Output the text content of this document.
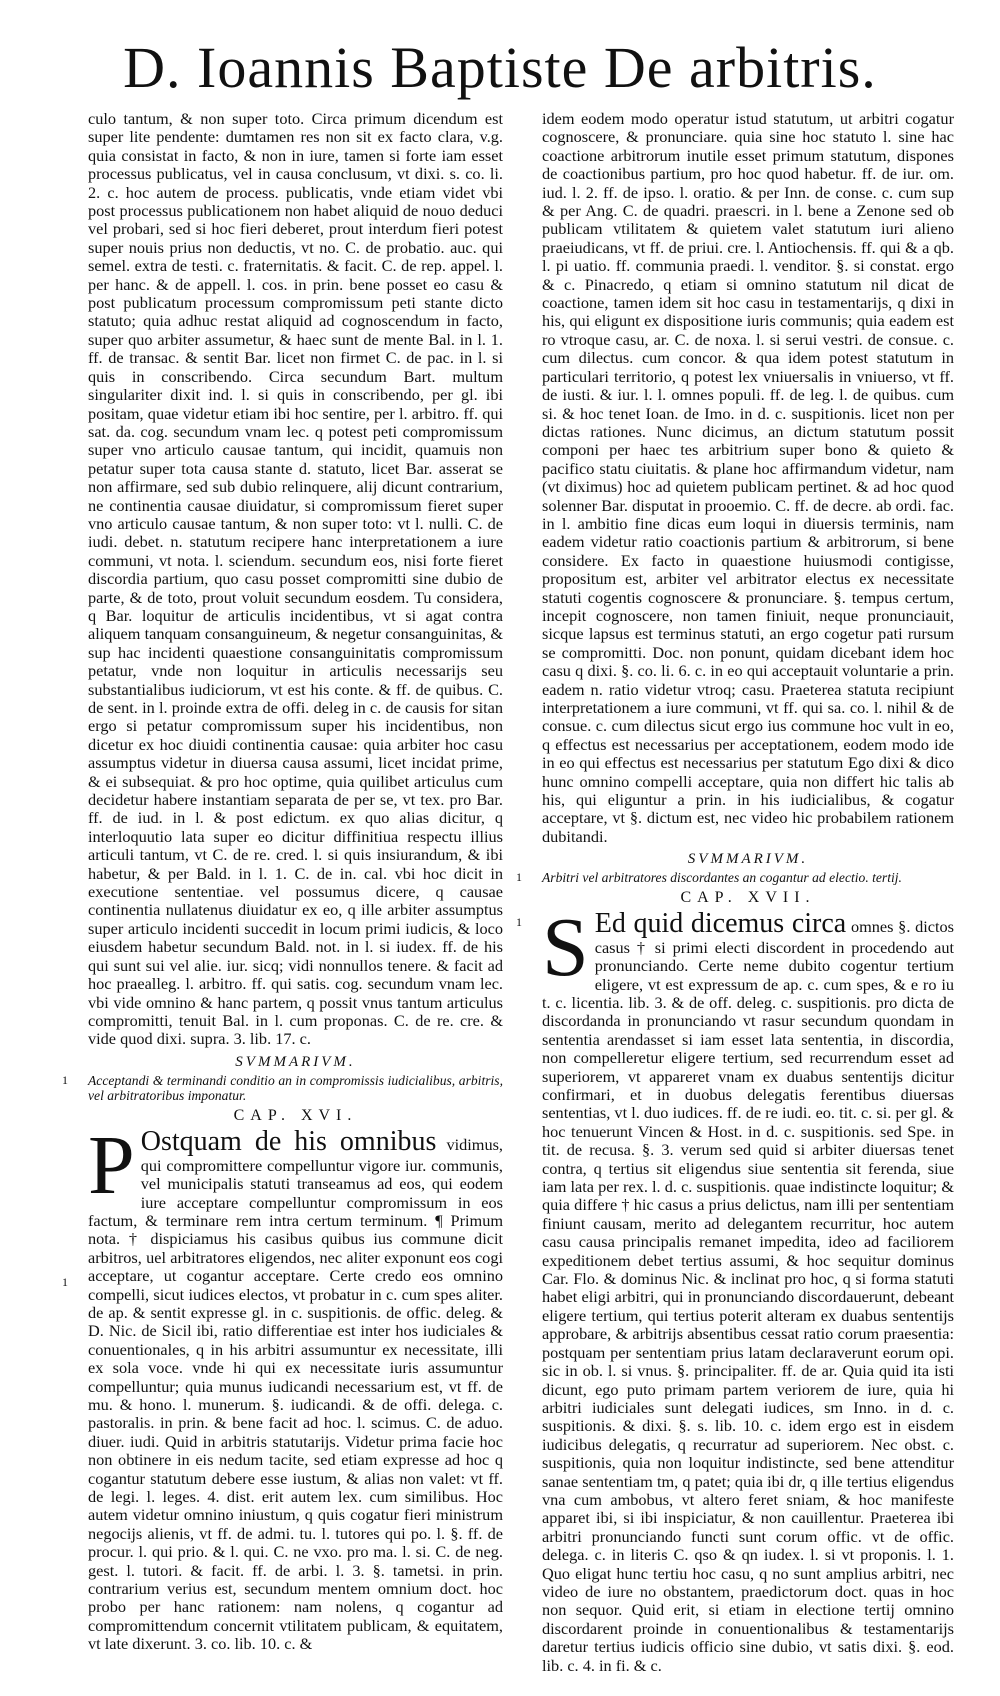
D. Ioannis Baptiste De arbitris.

culo tantum, & non super toto. Circa primum dicendum est super lite pendente: dumtamen res non sit ex facto clara, v.g. quia consistat in facto, & non in iure, tamen si forte iam esset processus publicatus, vel in causa conclusum, vt dixi. s. co. li. 2. c. hoc autem de process. publicatis, vnde etiam videt vbi post processus publicationem non habet aliquid de nouo deduci vel probari, sed si hoc fieri deberet, prout interdum fieri potest super nouis prius non deductis, vt no. C. de probatio. auc. qui semel. extra de testi. c. fraternitatis. & facit. C. de rep. appel. l. per hanc. & de appell. l. cos. in prin. bene posset eo casu & post publicatum processum compromissum peti stante dicto statuto; quia adhuc restat aliquid ad cognoscendum in facto, super quo arbiter assumetur, & haec sunt de mente Bal. in l. 1. ff. de transac. & sentit Bar. licet non firmet C. de pac. in l. si quis in conscribendo. Circa secundum Bart. multum singulariter dixit ind. l. si quis in conscribendo, per gl. ibi positam, quae videtur etiam ibi hoc sentire, per l. arbitro. ff. qui sat. da. cog. secundum vnam lec. q potest peti compromissum super vno articulo causae tantum, qui incidit, quamuis non petatur super tota causa stante d. statuto, licet Bar. asserat se non affirmare, sed sub dubio relinquere, alij dicunt contrarium, ne continentia causae diuidatur, si compromissum fieret super vno articulo causae tantum, & non super toto: vt l. nulli. C. de iudi. debet. n. statutum recipere hanc interpretationem a iure communi, vt nota. l. sciendum. secundum eos, nisi forte fieret discordia partium, quo casu posset compromitti sine dubio de parte, & de toto, prout voluit secundum eosdem. Tu considera, q Bar. loquitur de articulis incidentibus, vt si agat contra aliquem tanquam consanguineum, & negetur consanguinitas, & sup hac incidenti quaestione consanguinitatis compromissum petatur, vnde non loquitur in articulis necessarijs seu substantialibus iudiciorum, vt est his conte. & ff. de quibus. C. de sent. in l. proinde extra de offi. deleg in c. de causis for sitan ergo si petatur compromissum super his incidentibus, non dicetur ex hoc diuidi continentia causae: quia arbiter hoc casu assumptus videtur in diuersa causa assumi, licet incidat prime, & ei subsequiat. & pro hoc optime, quia quilibet articulus cum decidetur habere instantiam separata de per se, vt tex. pro Bar. ff. de iud. in l. & post edictum. ex quo alias dicitur, q interloquutio lata super eo dicitur diffinitiua respectu illius articuli tantum, vt C. de re. cred. l. si quis insiurandum, & ibi habetur, & per Bald. in l. 1. C. de in. cal. vbi hoc dicit in executione sententiae. vel possumus dicere, q causae continentia nullatenus diuidatur ex eo, q ille arbiter assumptus super articulo incidenti succedit in locum primi iudicis, & loco eiusdem habetur secundum Bald. not. in l. si iudex. ff. de his qui sunt sui vel alie. iur. sicq; vidi nonnullos tenere. & facit ad hoc praealleg. l. arbitro. ff. qui satis. cog. secundum vnam lec. vbi vide omnino & hanc partem, q possit vnus tantum articulus compromitti, tenuit Bal. in l. cum proponas. C. de re. cre. & vide quod dixi. supra. 3. lib. 17. c.

SVMMARIVM.
1 Acceptandi & terminandi conditio an in compromissis iudicialibus, arbitris, vel arbitratoribus imponatur.
CAP. XVI.
P Ostquam de his omnibus vidimus, qui compromittere compelluntur vigore iur. communis, vel municipalis statuti transeamus ad eos, qui eodem iure acceptare compelluntur compromissum in eos factum, & terminare rem intra certum terminum. ¶ Primum nota. † dispiciamus his casibus quibus ius commune dicit arbitros, uel arbitratores eligendos, nec aliter exponunt eos cogi acceptare, ut cogantur acceptare. Certe credo eos omnino compelli, sicut iudices electos, vt probatur in c. cum spes aliter. de ap. & sentit expresse gl. in c. suspitionis. de offic. deleg. & D. Nic. de Sicil ibi, ratio differentiae est inter hos iudiciales & conuentionales, q in his arbitri assumuntur ex necessitate, illi ex sola voce. vnde hi qui ex necessitate iuris assumuntur compelluntur; quia munus iudicandi necessarium est, vt ff. de mu. & hono. l. munerum. §. iudicandi. & de offi. delega. c. pastoralis. in prin. & bene facit ad hoc. l. scimus. C. de aduo. diuer. iudi. Quid in arbitris statutarijs. Videtur prima facie hoc non obtinere in eis nedum tacite, sed etiam expresse ad hoc q cogantur statutum debere esse iustum, & alias non valet: vt ff. de legi. l. leges. 4. dist. erit autem lex. cum similibus. Hoc autem videtur omnino iniustum, q quis cogatur fieri ministrum negocijs alienis, vt ff. de admi. tu. l. tutores qui po. l. §. ff. de procur. l. qui prio. & l. qui. C. ne vxo. pro ma. l. si. C. de neg. gest. l. tutori. & facit. ff. de arbi. l. 3. §. tametsi. in prin. contrarium verius est, secundum mentem omnium doct. hoc probo per hanc rationem: nam nolens, q cogantur ad compromittendum concernit vtilitatem publicam, & equitatem, vt late dixerunt. 3. co. lib. 10. c. &
1

idem eodem modo operatur istud statutum, ut arbitri cogatur cognoscere, & pronunciare. quia sine hoc statuto l. sine hac coactione arbitrorum inutile esset primum statutum, dispones de coactionibus partium, pro hoc quod habetur. ff. de iur. om. iud. l. 2. ff. de ipso. l. oratio. & per Inn. de conse. c. cum sup & per Ang. C. de quadri. praescri. in l. bene a Zenone sed ob publicam vtilitatem & quietem valet statutum iuri alieno praeiudicans, vt ff. de priui. cre. l. Antiochensis. ff. qui & a qb. l. pi uatio. ff. communia praedi. l. venditor. §. si constat. ergo & c. Pinacredo, q etiam si omnino statutum nil dicat de coactione, tamen idem sit hoc casu in testamentarijs, q dixi in his, qui eligunt ex dispositione iuris communis; quia eadem est ro vtroque casu, ar. C. de noxa. l. si serui vestri. de consue. c. cum dilectus. cum concor. & qua idem potest statutum in particulari territorio, q potest lex vniuersalis in vniuerso, vt ff. de iusti. & iur. l. l. omnes populi. ff. de leg. l. de quibus. cum si. & hoc tenet Ioan. de Imo. in d. c. suspitionis. licet non per dictas rationes. Nunc dicimus, an dictum statutum possit componi per haec tes arbitrium super bono & quieto & pacifico statu ciuitatis. & plane hoc affirmandum videtur, nam (vt diximus) hoc ad quietem publicam pertinet. & ad hoc quod solenner Bar. disputat in prooemio. C. ff. de decre. ab ordi. fac. in l. ambitio fine dicas eum loqui in diuersis terminis, nam eadem videtur ratio coactionis partium & arbitrorum, si bene considere. Ex facto in quaestione huiusmodi contigisse, propositum est, arbiter vel arbitrator electus ex necessitate statuti cogentis cognoscere & pronunciare. §. tempus certum, incepit cognoscere, non tamen finiuit, neque pronunciauit, sicque lapsus est terminus statuti, an ergo cogetur pati rursum se compromitti. Doc. non ponunt, quidam dicebant idem hoc casu q dixi. §. co. li. 6. c. in eo qui acceptauit voluntarie a prin. eadem n. ratio videtur vtroq; casu. Praeterea statuta recipiunt interpretationem a iure communi, vt ff. qui sa. co. l. nihil & de consue. c. cum dilectus sicut ergo ius commune hoc vult in eo, q effectus est necessarius per acceptationem, eodem modo ide in eo qui effectus est necessarius per statutum Ego dixi & dico hunc omnino compelli acceptare, quia non differt hic talis ab his, qui eliguntur a prin. in his iudicialibus, & cogatur acceptare, vt §. dictum est, nec video hic probabilem rationem dubitandi.

SVMMARIVM.
1 Arbitri vel arbitratores discordantes an cogantur ad electio. tertij.
CAP. XVII.
S Ed quid dicemus circa omnes §. dictos casus † si primi electi discordent in procedendo aut pronunciando. Certe neme dubito cogentur tertium eligere, vt est expressum de ap. c. cum spes, & e ro iu t. c. licentia. lib. 3. & de off. deleg. c. suspitionis. pro dicta de discordanda in pronunciando vt rasur secundum quondam in sententia arendasset si iam esset lata sententia, in discordia, non compelleretur eligere tertium, sed recurrendum esset ad superiorem, vt appareret vnam ex duabus sententijs dicitur confirmari, et in duobus delegatis ferentibus diuersas sententias, vt l. duo iudices. ff. de re iudi. eo. tit. c. si. per gl. & hoc tenuerunt Vincen & Host. in d. c. suspitionis. sed Spe. in tit. de recusa. §. 3. verum sed quid si arbiter diuersas tenet contra, q tertius sit eligendus siue sententia sit ferenda, siue iam lata per rex. l. d. c. suspitionis. quae indistincte loquitur; & quia differe † hic casus a prius delictus, nam illi per sententiam finiunt causam, merito ad delegantem recurritur, hoc autem casu causa principalis remanet impedita, ideo ad faciliorem expeditionem debet tertius assumi, & hoc sequitur dominus Car. Flo. & dominus Nic. & inclinat pro hoc, q si forma statuti habet eligi arbitri, qui in pronunciando discordauerunt, debeant eligere tertium, qui tertius poterit alteram ex duabus sententijs approbare, & arbitrijs absentibus cessat ratio corum praesentia: postquam per sententiam prius latam declaraverunt eorum opi. sic in ob. l. si vnus. §. principaliter. ff. de ar. Quia quid ita isti dicunt, ego puto primam partem veriorem de iure, quia hi arbitri iudiciales sunt delegati iudices, sm Inno. in d. c. suspitionis. & dixi. §. s. lib. 10. c. idem ergo est in eisdem iudicibus delegatis, q recurratur ad superiorem. Nec obst. c. suspitionis, quia non loquitur indistincte, sed bene attenditur sanae sententiam tm, q patet; quia ibi dr, q ille tertius eligendus vna cum ambobus, vt altero feret sniam, & hoc manifeste apparet ibi, si ibi inspiciatur, & non cauillentur. Praeterea ibi arbitri pronunciando functi sunt corum offic. vt de offic. delega. c. in literis C. qso & qn iudex. l. si vt proponis. l. 1. Quo eligat hunc tertiu hoc casu, q no sunt amplius arbitri, nec video de iure no obstantem, praedictorum doct. quas in hoc non sequor. Quid erit, si etiam in electione tertij omnino discordarent proinde in conuentionalibus & testamentarijs daretur tertius iudicis officio sine dubio, vt satis dixi. §. eod. lib. c. 4. in fi. & c.
1
